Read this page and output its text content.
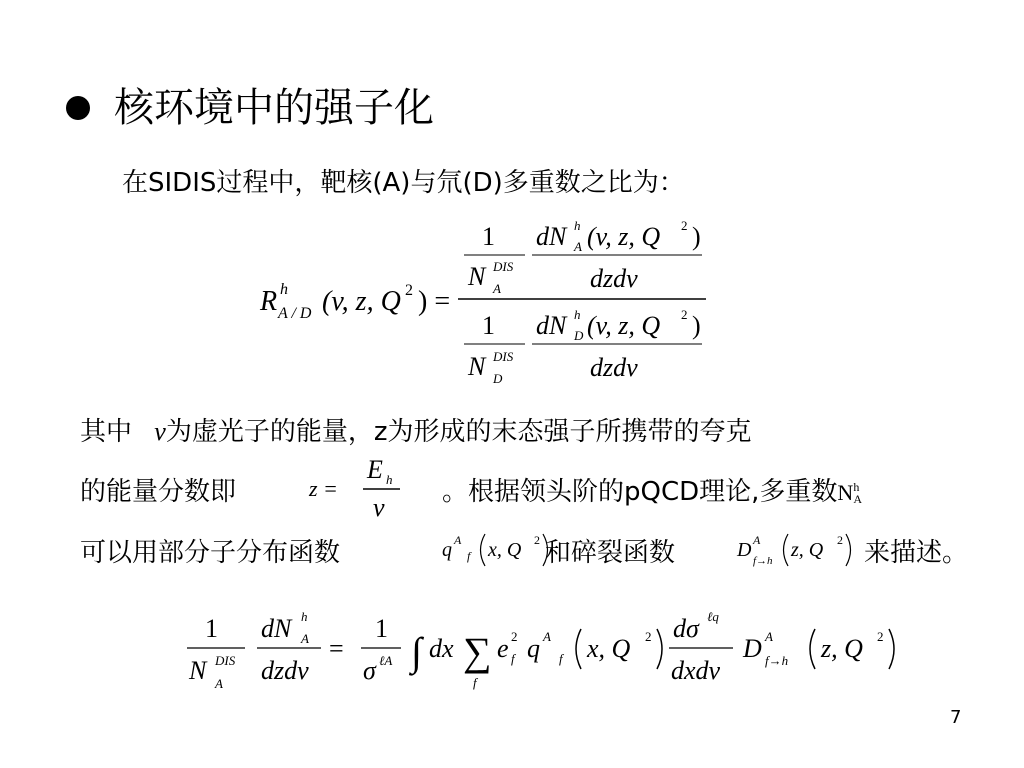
核环境中的强子化
在SIDIS过程中，靶核(A)与氘(D)多重数之比为：
R h
A / D (v, z, Q 2 ) =
1
N DIS
A
dN h
A (v, z, Q 2 )
dzdv
1
N DIS
D
dN h
D (v, z, Q 2 )
dzdv
其中 v为虚光子的能量，z为形成的末态强子所携带的夸克
的能量分数即	z =
E h
ν
。根据领头阶的pQCD理论,多重数N h
A
可以用部分子分布函数	q A
f x, Q 2 和碎裂函数	D A
f→h z, Q 2 来描述。
1
N DIS
A
dN h
A
dzdv
=
1
σ ℓA ∫ dx ∑
f
e 2
f q A
f x, Q 2 dσ ℓq
dxdν
D A
f→h z, Q 2
7
